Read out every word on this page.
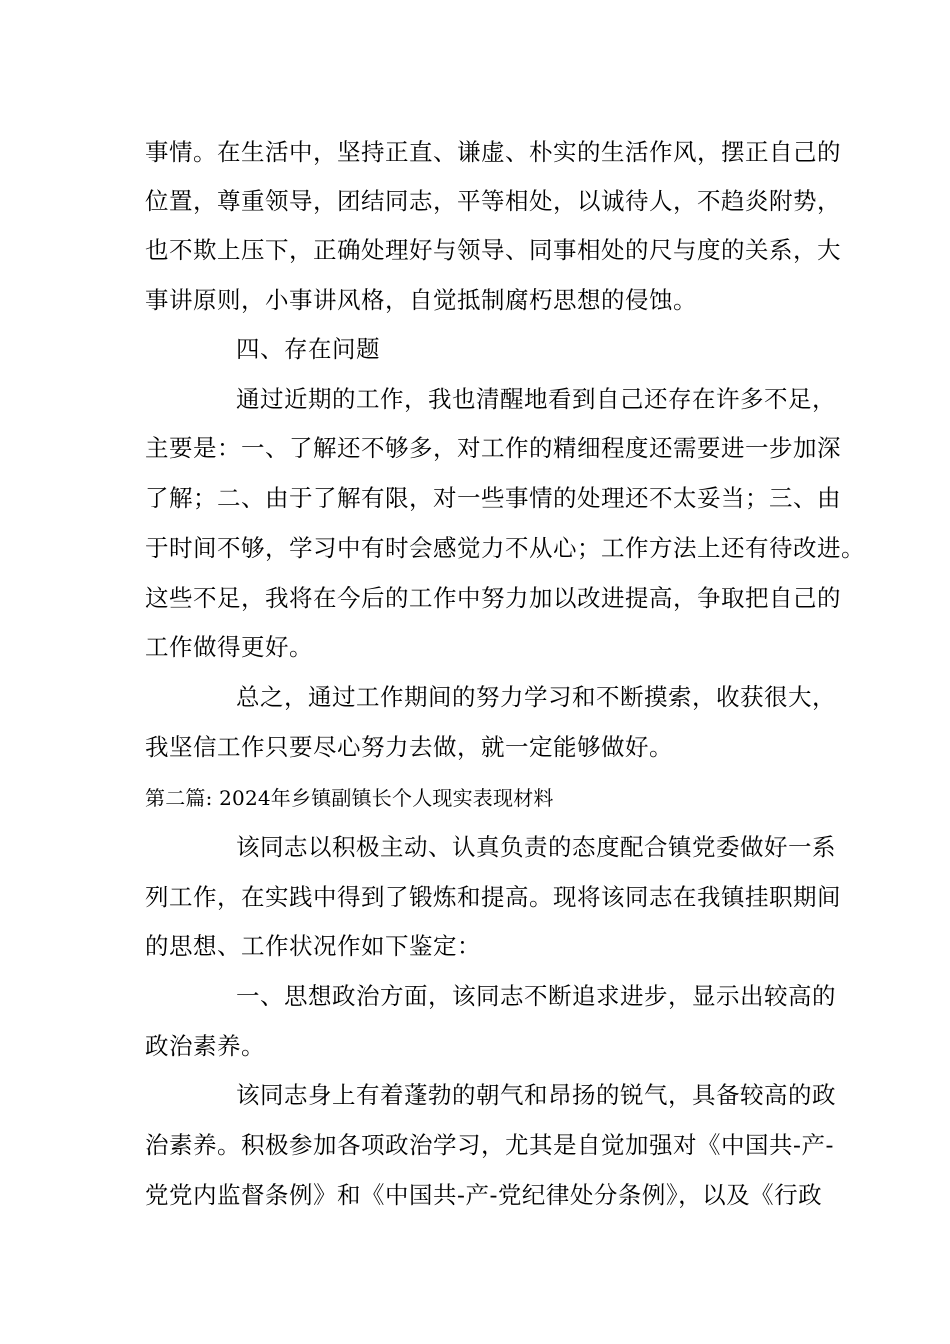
事情。在生活中，坚持正直、谦虚、朴实的生活作风，摆正自己的
位置，尊重领导，团结同志，平等相处，以诚待人，不趋炎附势，
也不欺上压下，正确处理好与领导、同事相处的尺与度的关系，大
事讲原则，小事讲风格，自觉抵制腐朽思想的侵蚀。
四、存在问题
通过近期的工作，我也清醒地看到自己还存在许多不足，
主要是：一、了解还不够多，对工作的精细程度还需要进一步加深
了解；二、由于了解有限，对一些事情的处理还不太妥当；三、由
于时间不够，学习中有时会感觉力不从心；工作方法上还有待改进。
这些不足，我将在今后的工作中努力加以改进提高，争取把自己的
工作做得更好。
总之，通过工作期间的努力学习和不断摸索，收获很大，
我坚信工作只要尽心努力去做，就一定能够做好。
第二篇: 2024年乡镇副镇长个人现实表现材料
该同志以积极主动、认真负责的态度配合镇党委做好一系
列工作，在实践中得到了锻炼和提高。现将该同志在我镇挂职期间
的思想、工作状况作如下鉴定：
一、思想政治方面，该同志不断追求进步，显示出较高的
政治素养。
该同志身上有着蓬勃的朝气和昂扬的锐气，具备较高的政
治素养。积极参加各项政治学习，尤其是自觉加强对《中国共-产-
党党内监督条例》和《中国共-产-党纪律处分条例》，以及《行政
